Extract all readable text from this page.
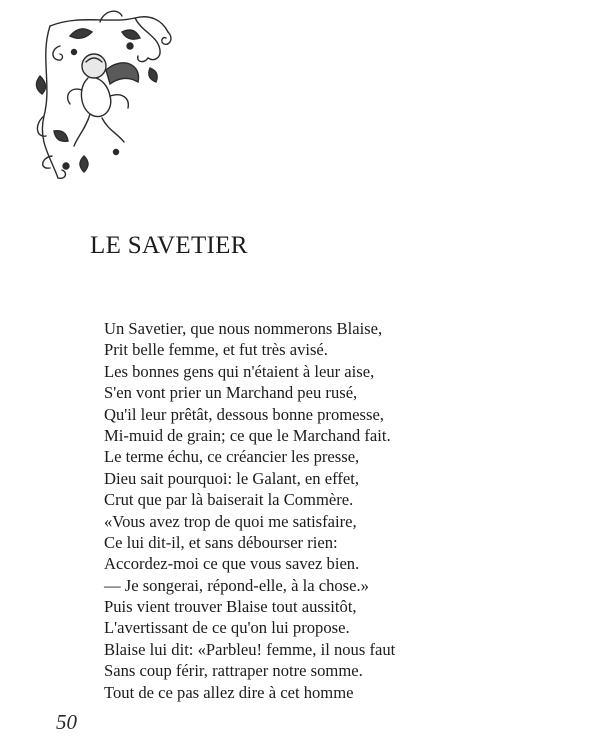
LE SAVETIER
Un Savetier, que nous nommerons Blaise,
Prit belle femme, et fut très avisé.
Les bonnes gens qui n'étaient à leur aise,
S'en vont prier un Marchand peu rusé,
Qu'il leur prêtât, dessous bonne promesse,
Mi-muid de grain; ce que le Marchand fait.
Le terme échu, ce créancier les presse,
Dieu sait pourquoi: le Galant, en effet,
Crut que par là baiserait la Commère.
«Vous avez trop de quoi me satisfaire,
Ce lui dit-il, et sans débourser rien:
Accordez-moi ce que vous savez bien.
— Je songerai, répond-elle, à la chose.»
Puis vient trouver Blaise tout aussitôt,
L'avertissant de ce qu'on lui propose.
Blaise lui dit: «Parbleu! femme, il nous faut
Sans coup férir, rattraper notre somme.
Tout de ce pas allez dire à cet homme
50
